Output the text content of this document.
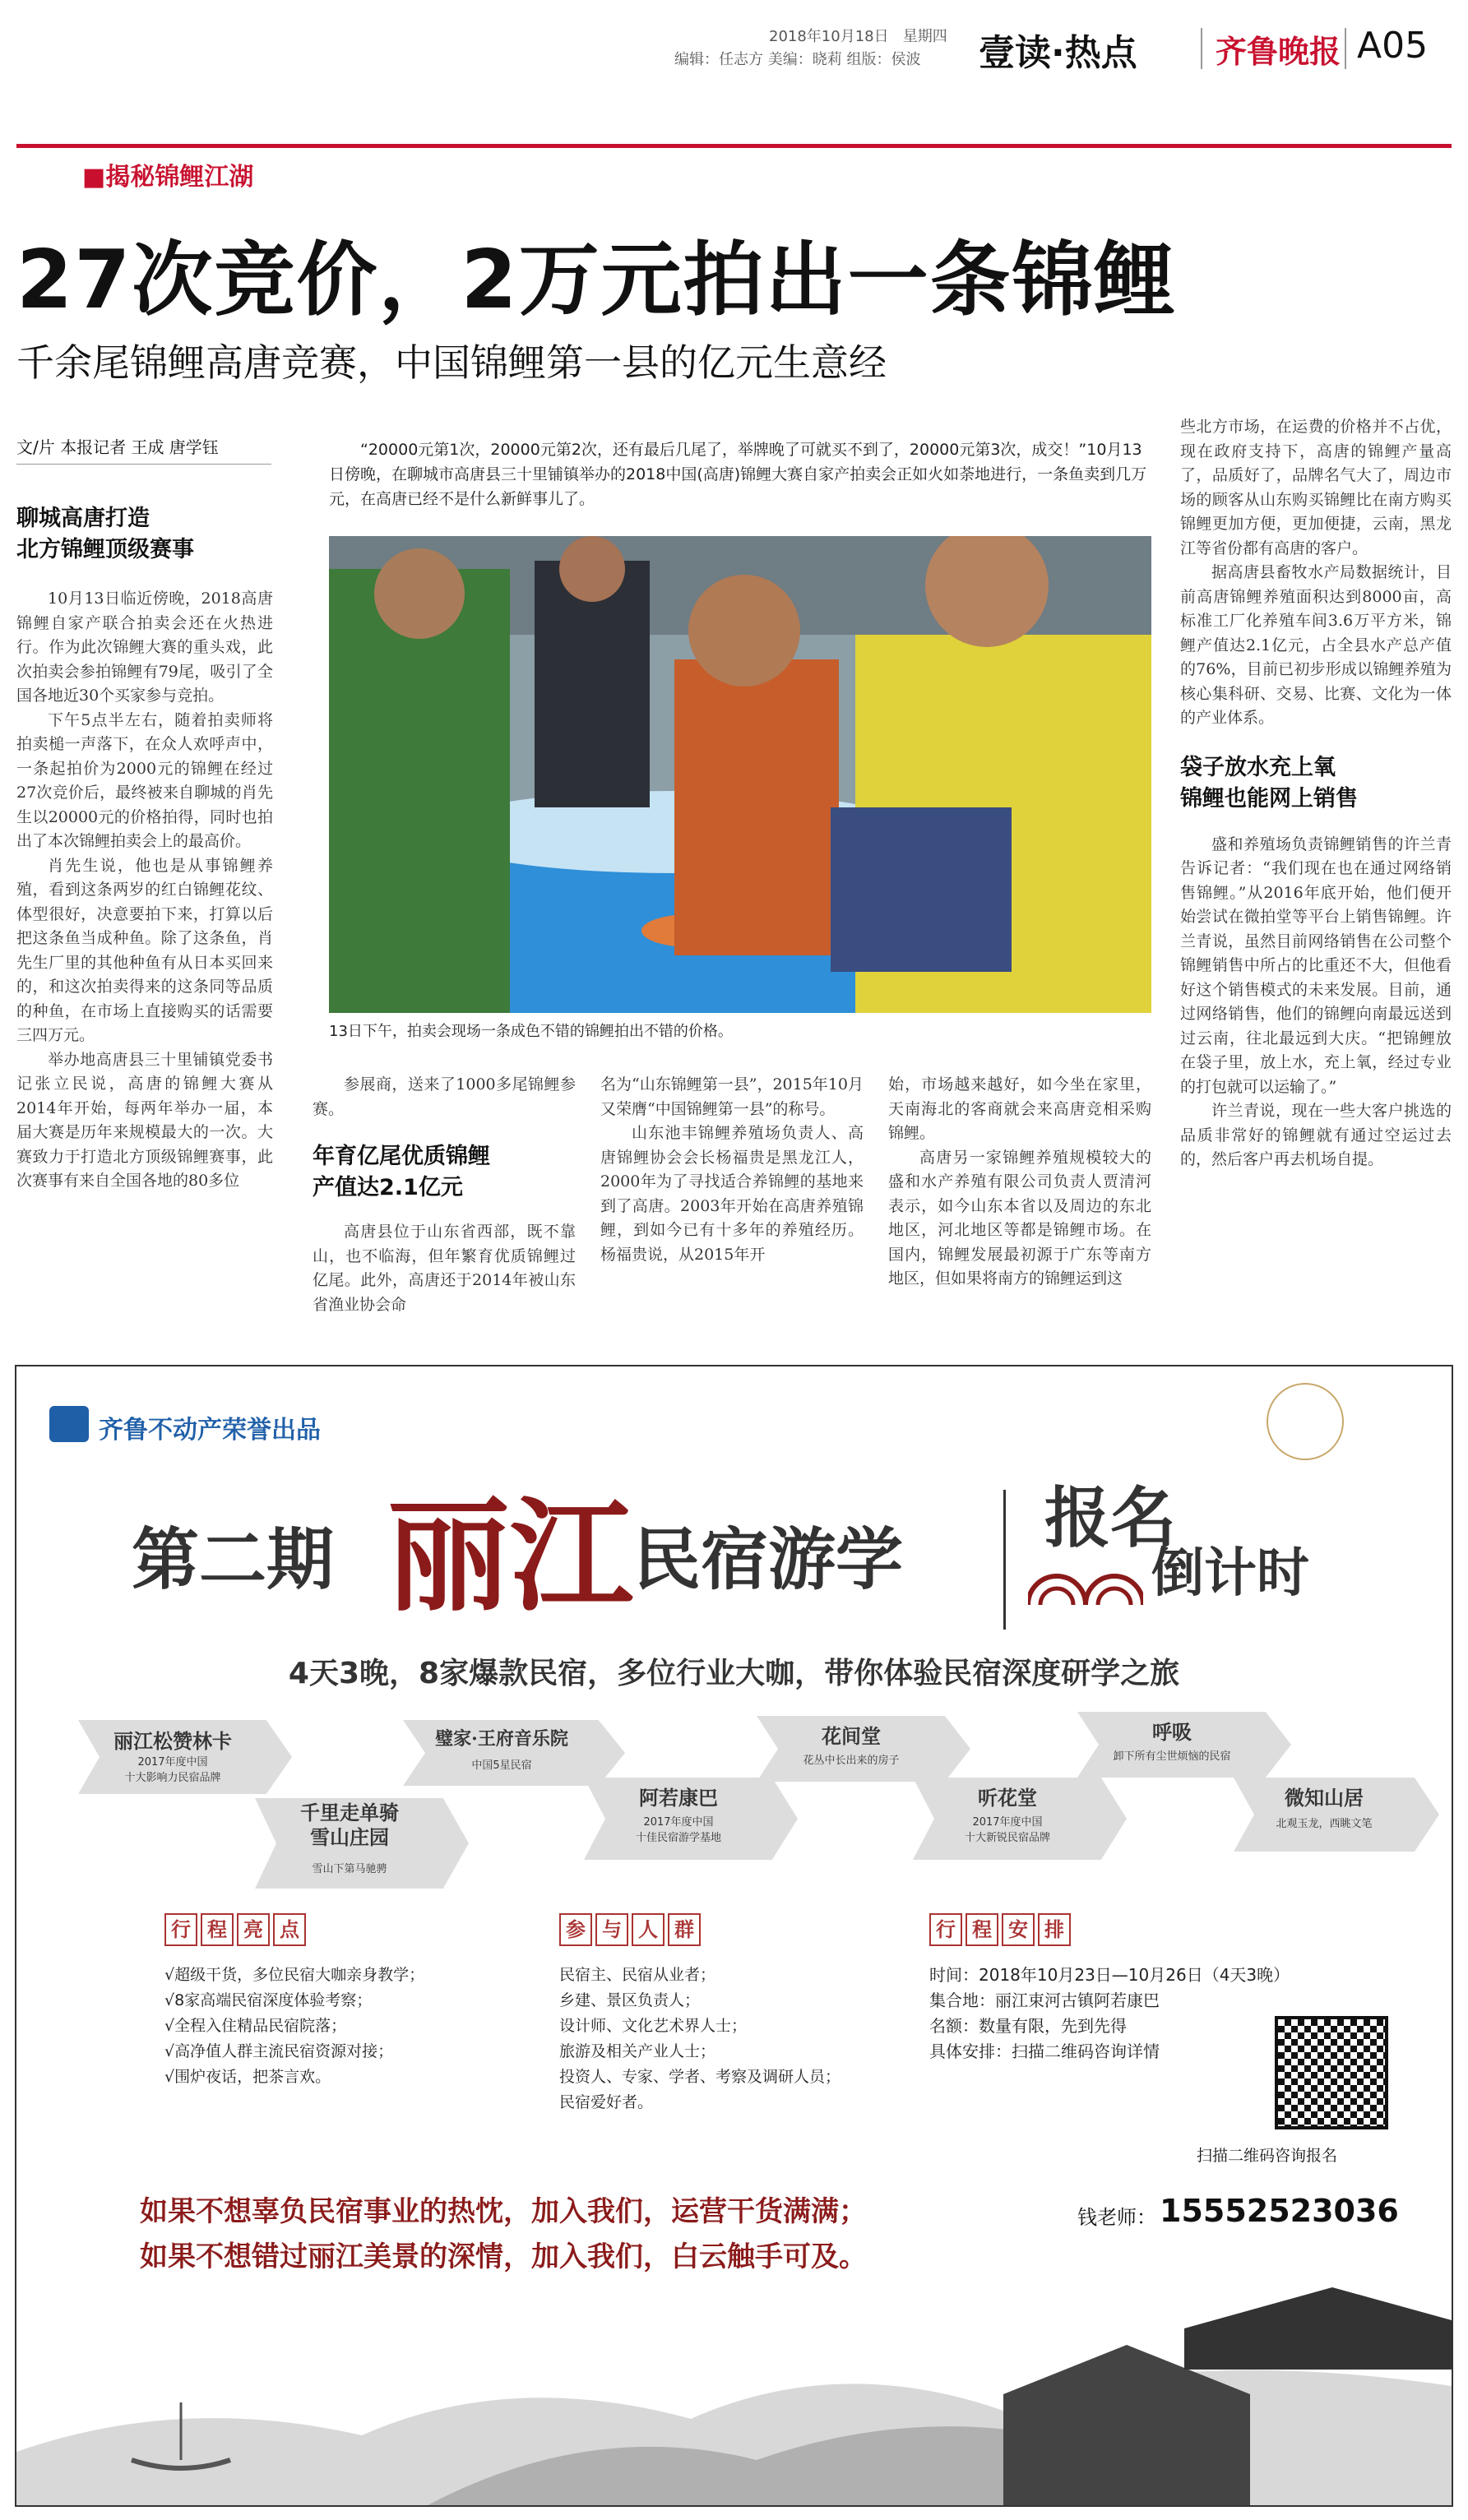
2018年10月18日 星期四
编辑：任志方 美编：晓莉 组版：侯波 壹读·热点	齐鲁晚报 A05
■揭秘锦鲤江湖
27次竞价，2万元拍出一条锦鲤
千余尾锦鲤高唐竞赛，中国锦鲤第一县的亿元生意经
文/片 本报记者 王成 唐学钰
聊城高唐打造
北方锦鲤顶级赛事

10月13日临近傍晚，2018高唐锦鲤自家产联合拍卖会还在火热进行。作为此次锦鲤大赛的重头戏，此次拍卖会参拍锦鲤有79尾，吸引了全国各地近30个买家参与竞拍。

下午5点半左右，随着拍卖师将拍卖槌一声落下，在众人欢呼声中，一条起拍价为2000元的锦鲤在经过27次竞价后，最终被来自聊城的肖先生以20000元的价格拍得，同时也拍出了本次锦鲤拍卖会上的最高价。

肖先生说，他也是从事锦鲤养殖，看到这条两岁的红白锦鲤花纹、体型很好，决意要拍下来，打算以后把这条鱼当成种鱼。除了这条鱼，肖先生厂里的其他种鱼有从日本买回来的，和这次拍卖得来的这条同等品质的种鱼，在市场上直接购买的话需要三四万元。

举办地高唐县三十里铺镇党委书记张立民说，高唐的锦鲤大赛从2014年开始，每两年举办一届，本届大赛是历年来规模最大的一次。大赛致力于打造北方顶级锦鲤赛事，此次赛事有来自全国各地的80多位

“20000元第1次，20000元第2次，还有最后几尾了，举牌晚了可就买不到了，20000元第3次，成交！”10月13日傍晚，在聊城市高唐县三十里铺镇举办的2018中国(高唐)锦鲤大赛自家产拍卖会正如火如荼地进行，一条鱼卖到几万元，在高唐已经不是什么新鲜事儿了。
13日下午，拍卖会现场一条成色不错的锦鲤拍出不错的价格。
参展商，送来了1000多尾锦鲤参赛。
年育亿尾优质锦鲤
产值达2.1亿元
高唐县位于山东省西部，既不靠山，也不临海，但年繁育优质锦鲤过亿尾。此外，高唐还于2014年被山东省渔业协会命

名为“山东锦鲤第一县”，2015年10月又荣膺“中国锦鲤第一县”的称号。

山东池丰锦鲤养殖场负责人、高唐锦鲤协会会长杨福贵是黑龙江人，2000年为了寻找适合养锦鲤的基地来到了高唐。2003年开始在高唐养殖锦鲤，到如今已有十多年的养殖经历。杨福贵说，从2015年开

始，市场越来越好，如今坐在家里，天南海北的客商就会来高唐竞相采购锦鲤。

高唐另一家锦鲤养殖规模较大的盛和水产养殖有限公司负责人贾清河表示，如今山东本省以及周边的东北地区，河北地区等都是锦鲤市场。在国内，锦鲤发展最初源于广东等南方地区，但如果将南方的锦鲤运到这

些北方市场，在运费的价格并不占优，现在政府支持下，高唐的锦鲤产量高了，品质好了，品牌名气大了，周边市场的顾客从山东购买锦鲤比在南方购买锦鲤更加方便，更加便捷，云南，黑龙江等省份都有高唐的客户。

据高唐县畜牧水产局数据统计，目前高唐锦鲤养殖面积达到8000亩，高标准工厂化养殖车间3.6万平方米，锦鲤产值达2.1亿元，占全县水产总产值的76%，目前已初步形成以锦鲤养殖为核心集科研、交易、比赛、文化为一体的产业体系。

袋子放水充上氧
锦鲤也能网上销售

盛和养殖场负责锦鲤销售的许兰青告诉记者：“我们现在也在通过网络销售锦鲤。”从2016年底开始，他们便开始尝试在微拍堂等平台上销售锦鲤。许兰青说，虽然目前网络销售在公司整个锦鲤销售中所占的比重还不大，但他看好这个销售模式的未来发展。目前，通过网络销售，他们的锦鲤向南最远送到过云南，往北最远到大庆。“把锦鲤放在袋子里，放上水，充上氧，经过专业的打包就可以运输了。”

许兰青说，现在一些大客户挑选的品质非常好的锦鲤就有通过空运过去的，然后客户再去机场自提。

齐鲁不动产荣誉出品
第二期 丽江 民宿游学
报名
倒计时
4天3晚，8家爆款民宿，多位行业大咖，带你体验民宿深度研学之旅
丽江松赞林卡
2017年度中国
十大影响力民宿品牌
千里走单骑
雪山庄园
雪山下第马驰骋
璧家·王府音乐院
中国5星民宿
阿若康巴
2017年度中国
十佳民宿游学基地
花间堂
花丛中长出来的房子
听花堂
2017年度中国
十大新锐民宿品牌
呼吸
卸下所有尘世烦恼的民宿
微知山居
北观玉龙，西眺文笔
行 程 亮 点
√超级干货，多位民宿大咖亲身教学；
√8家高端民宿深度体验考察；
√全程入住精品民宿院落；
√高净值人群主流民宿资源对接；
√围炉夜话，把茶言欢。
参 与 人 群
民宿主、民宿从业者；
乡建、景区负责人；
设计师、文化艺术界人士；
旅游及相关产业人士；
投资人、专家、学者、考察及调研人员；
民宿爱好者。
行 程 安 排
时间：2018年10月23日—10月26日（4天3晚）
集合地：丽江束河古镇阿若康巴
名额：数量有限，先到先得
具体安排：扫描二维码咨询详情
扫描二维码咨询报名
如果不想辜负民宿事业的热忱，加入我们，运营干货满满；
如果不想错过丽江美景的深情，加入我们，白云触手可及。
钱老师： 15552523036
